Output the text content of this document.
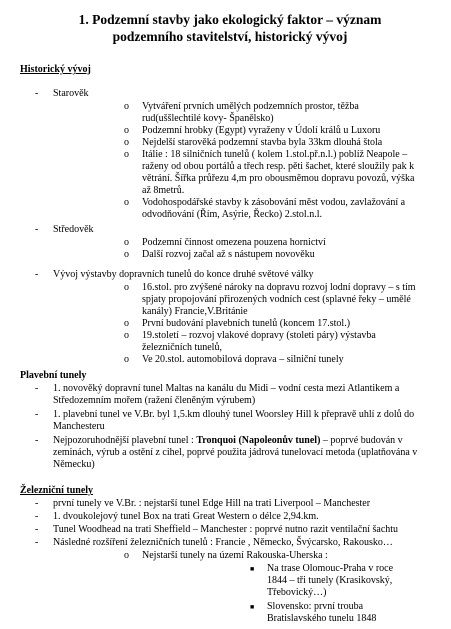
1. Podzemní stavby jako ekologický faktor – význam
podzemního stavitelství, historický vývoj
Historický vývoj
- Starověk
o Vytváření prvních umělých podzemních prostor, těžba rud(uššlechtilé kovy- Španělsko)
o Podzemní hrobky (Egypt) vyraženy v Údolí králů u Luxoru
o Nejdelší starověká podzemní stavba byla 33km dlouhá štola
o Itálie : 18 silničních tunelů ( kolem 1.stol.př.n.l.) poblíž Neapole – raženy od obou portálů a třech resp. pěti šachet, které sloužily pak k větrání. Šířka průřezu 4,m pro obousměmou dopravu povozů, výška až 8metrů.
o Vodohospodářské stavby k zásobování měst vodou, zavlažování a odvodňování (Řím, Asýrie, Řecko) 2.stol.n.l.
- Středověk
o Podzemní činnost omezena pouzena hornictví
o Další rozvoj začal až s nástupem novověku
- Vývoj výstavby dopravních tunelů do konce druhé světové války
o 16.stol. pro zvýšené nároky na dopravu rozvoj lodní dopravy – s tím spjaty propojování přirozených vodních cest (splavné řeky – umělé kanály) Francie,V.Británie
o První budování plavebních tunelů (koncem 17.stol.)
o 19.století – rozvoj vlakové dopravy (stoleti páry) výstavba železničních tunelů,
o Ve 20.stol. automobilová doprava – silniční tunely
Plavební tunely
- 1. novověký dopravní tunel Maltas na kanálu du Midi – vodní cesta mezi Atlantikem a Středozemním mořem (ražení členěným výrubem)
- 1. plavební tunel ve V.Br. byl 1,5.km dlouhý tunel Woorsley Hill k přepravě uhlí z dolů do Manchesteru
- Nejpozoruhodnější plavební tunel : Tronquoi (Napoleonův tunel) – poprvé budován v zeminách, výrub a ostění z cihel, poprvé použita jádrová tunelovací metoda (uplatňována v Německu)
Železniční tunely
- první tunely ve V.Br. : nejstarší tunel Edge Hill na trati Liverpool – Manchester
- 1. dvoukolejový tunel Box na trati Great Western o délce 2,94.km.
- Tunel Woodhead na trati Sheffield – Manchester : poprvé nutno razit ventilační šachtu
- Následné rozšíření železničních tunelů : Francie , Německo, Švýcarsko, Rakousko…
o Nejstarší tunely na území Rakouska-Uherska :
■ Na trase Olomouc-Praha v roce 1844 – tři tunely (Krasikovský, Třebovický…)
■ Slovensko: první trouba Bratislavského tunelu 1848
